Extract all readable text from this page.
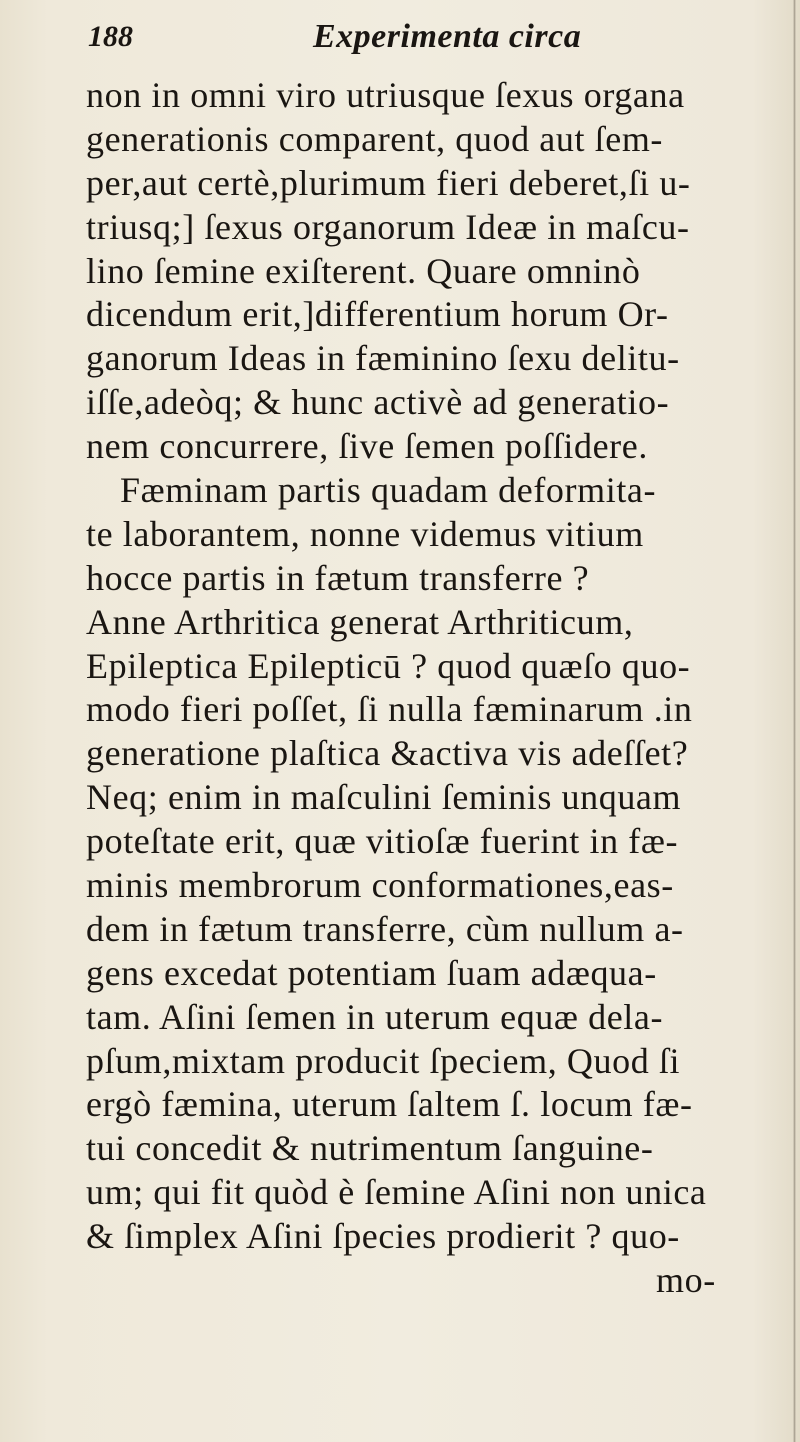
188	Experimenta circa
non in omni viro utriusque ſexus organa
generationis comparent, quod aut ſem-
per,aut certè,plurimum fieri deberet,ſi u-
triusq;] ſexus organorum Ideæ in maſcu-
lino ſemine exiſterent. Quare omninò
dicendum erit,]differentium horum Or-
ganorum Ideas in fæminino ſexu delitu-
iſſe,adeòq; & hunc activè ad generatio-
nem concurrere, ſive ſemen poſſidere.
Fæminam partis quadam deformita-
te laborantem, nonne videmus vitium
hocce partis in fætum transferre ?
Anne Arthritica generat Arthriticum,
Epileptica Epilepticū ? quod quæſo quo-
modo fieri poſſet, ſi nulla fæminarum .in
generatione plaſtica &activa vis adeſſet?
Neq; enim in maſculini ſeminis unquam
poteſtate erit, quæ vitioſæ fuerint in fæ-
minis membrorum conformationes,eas-
dem in fætum transferre, cùm nullum a-
gens excedat potentiam ſuam adæqua-
tam. Aſini ſemen in uterum equæ dela-
pſum,mixtam producit ſpeciem, Quod ſi
ergò fæmina, uterum ſaltem ſ. locum fæ-
tui concedit & nutrimentum ſanguine-
um; qui fit quòd è ſemine Aſini non unica
& ſimplex Aſini ſpecies prodierit ? quo-
mo-
